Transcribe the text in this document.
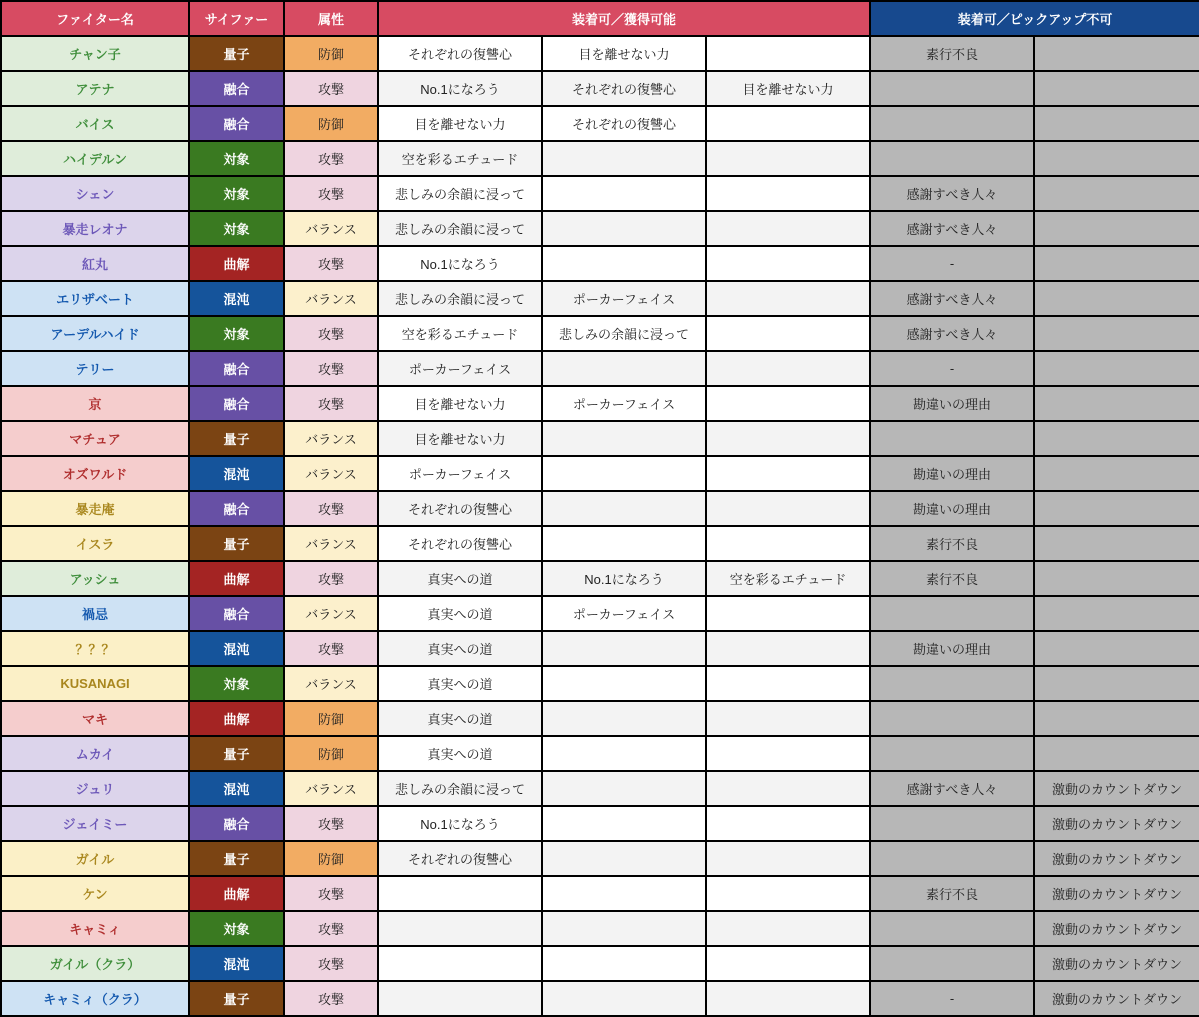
ファイター名	サイファー	属性	装着可／獲得可能			装着可／ピックアップ不可	
チャン子	量子	防御	それぞれの復讐心	目を離せない力		素行不良	
アテナ	融合	攻撃	No.1になろう	それぞれの復讐心	目を離せない力		
バイス	融合	防御	目を離せない力	それぞれの復讐心			
ハイデルン	対象	攻撃	空を彩るエチュード				
シェン	対象	攻撃	悲しみの余韻に浸って			感謝すべき人々	
暴走レオナ	対象	バランス	悲しみの余韻に浸って			感謝すべき人々	
紅丸	曲解	攻撃	No.1になろう			-	
エリザベート	混沌	バランス	悲しみの余韻に浸って	ポーカーフェイス		感謝すべき人々	
アーデルハイド	対象	攻撃	空を彩るエチュード	悲しみの余韻に浸って		感謝すべき人々	
テリー	融合	攻撃	ポーカーフェイス			-	
京	融合	攻撃	目を離せない力	ポーカーフェイス		勘違いの理由	
マチュア	量子	バランス	目を離せない力				
オズワルド	混沌	バランス	ポーカーフェイス			勘違いの理由	
暴走庵	融合	攻撃	それぞれの復讐心			勘違いの理由	
イスラ	量子	バランス	それぞれの復讐心			素行不良	
アッシュ	曲解	攻撃	真実への道	No.1になろう	空を彩るエチュード	素行不良	
禍忌	融合	バランス	真実への道	ポーカーフェイス			
？？？	混沌	攻撃	真実への道			勘違いの理由	
KUSANAGI	対象	バランス	真実への道				
マキ	曲解	防御	真実への道				
ムカイ	量子	防御	真実への道				
ジュリ	混沌	バランス	悲しみの余韻に浸って			感謝すべき人々	激動のカウントダウン
ジェイミー	融合	攻撃	No.1になろう				激動のカウントダウン
ガイル	量子	防御	それぞれの復讐心				激動のカウントダウン
ケン	曲解	攻撃				素行不良	激動のカウントダウン
キャミィ	対象	攻撃					激動のカウントダウン
ガイル（クラ）	混沌	攻撃					激動のカウントダウン
キャミィ（クラ）	量子	攻撃				-	激動のカウントダウン
